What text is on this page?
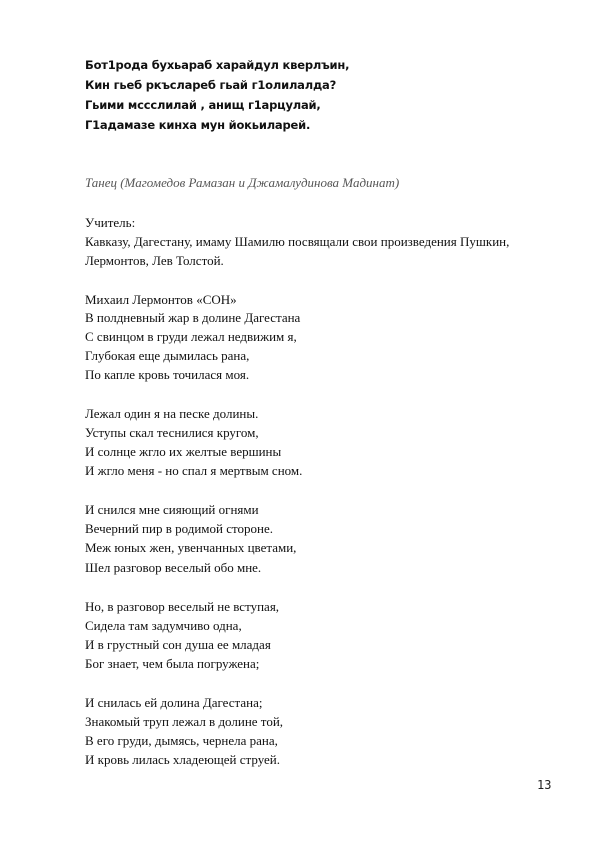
Бот1рода бухьараб харайдул кверлъин,
Кин гьеб ркъслареб гьай г1олилалда?
Гьими мссслилай , анищ г1арцулай,
Г1адамазе кинха мун йокьиларей.
Танец (Магомедов Рамазан и Джамалудинова Мадинат)
Учитель:
Кавказу, Дагестану, имаму Шамилю посвящали свои произведения Пушкин,
Лермонтов, Лев Толстой.
Михаил Лермонтов «СОН»
В полдневный жар в долине Дагестана
С свинцом в груди лежал недвижим я,
Глубокая еще дымилась рана,
По капле кровь точилася моя.
Лежал один я на песке долины.
Уступы скал теснилися кругом,
И солнце жгло их желтые вершины
И жгло меня - но спал я мертвым сном.
И снился мне сияющий огнями
Вечерний пир в родимой стороне.
Меж юных жен, увенчанных цветами,
Шел разговор веселый обо мне.
Но, в разговор веселый не вступая,
Сидела там задумчиво одна,
И в грустный сон душа ее младая
Бог знает, чем была погружена;
И снилась ей долина Дагестана;
Знакомый труп лежал в долине той,
В его груди, дымясь, чернела рана,
И кровь лилась хладеющей струей.
13
